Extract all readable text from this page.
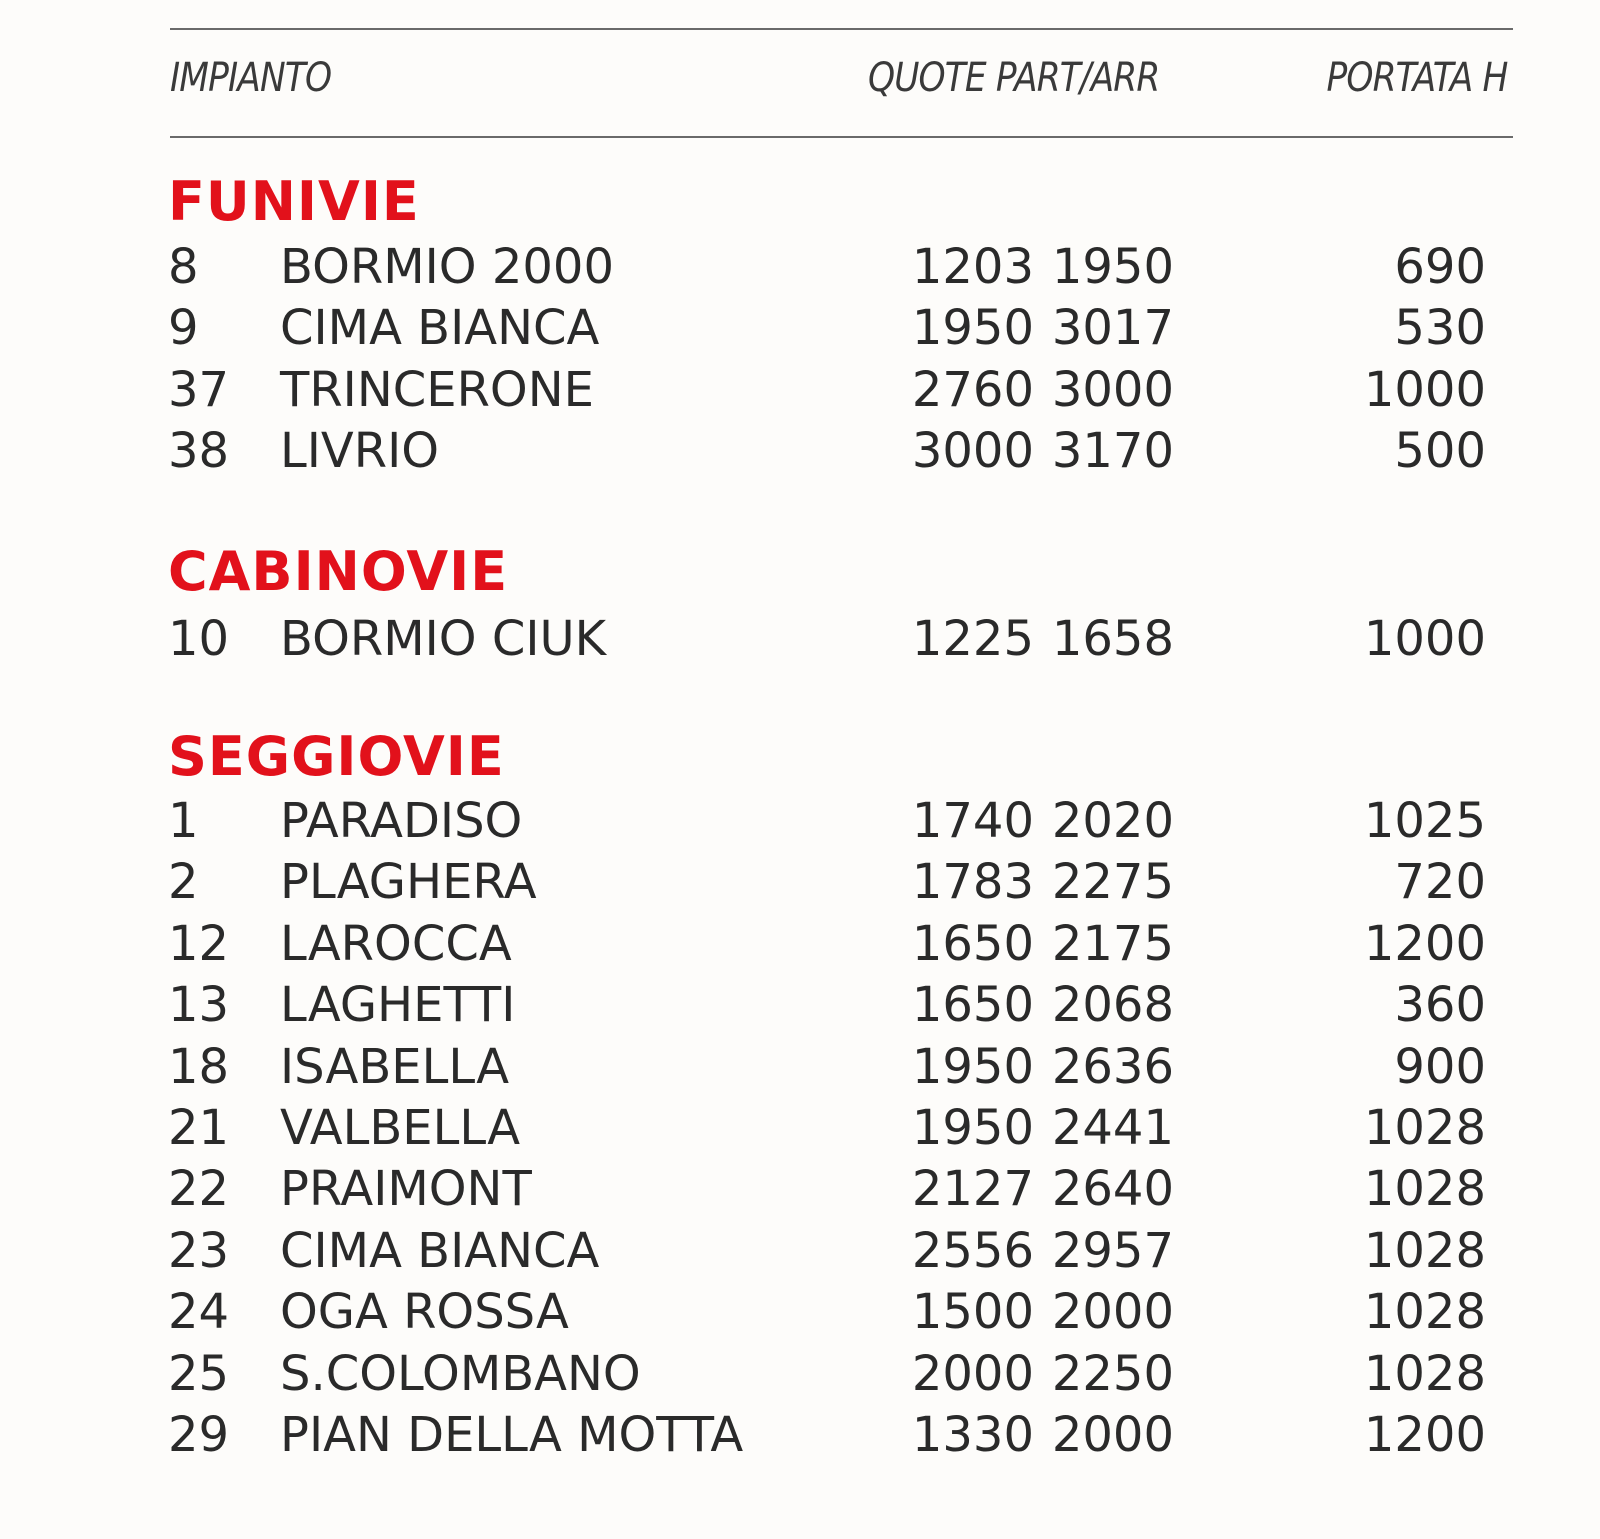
IMPIANTO	QUOTE PART/ARR	PORTATA H
FUNIVIE
8 BORMIO 2000	1203 1950	690
9 CIMA BIANCA	1950 3017	530
37 TRINCERONE	2760 3000	1000
38 LIVRIO	3000 3170	500
CABINOVIE
10 BORMIO CIUK	1225 1658	1000
SEGGIOVIE
1 PARADISO	1740 2020	1025
2 PLAGHERA	1783 2275	720
12 LAROCCA	1650 2175	1200
13 LAGHETTI	1650 2068	360
18 ISABELLA	1950 2636	900
21 VALBELLA	1950 2441	1028
22 PRAIMONT	2127 2640	1028
23 CIMA BIANCA	2556 2957	1028
24 OGA ROSSA	1500 2000	1028
25 S.COLOMBANO	2000 2250	1028
29 PIAN DELLA MOTTA	1330 2000	1200
